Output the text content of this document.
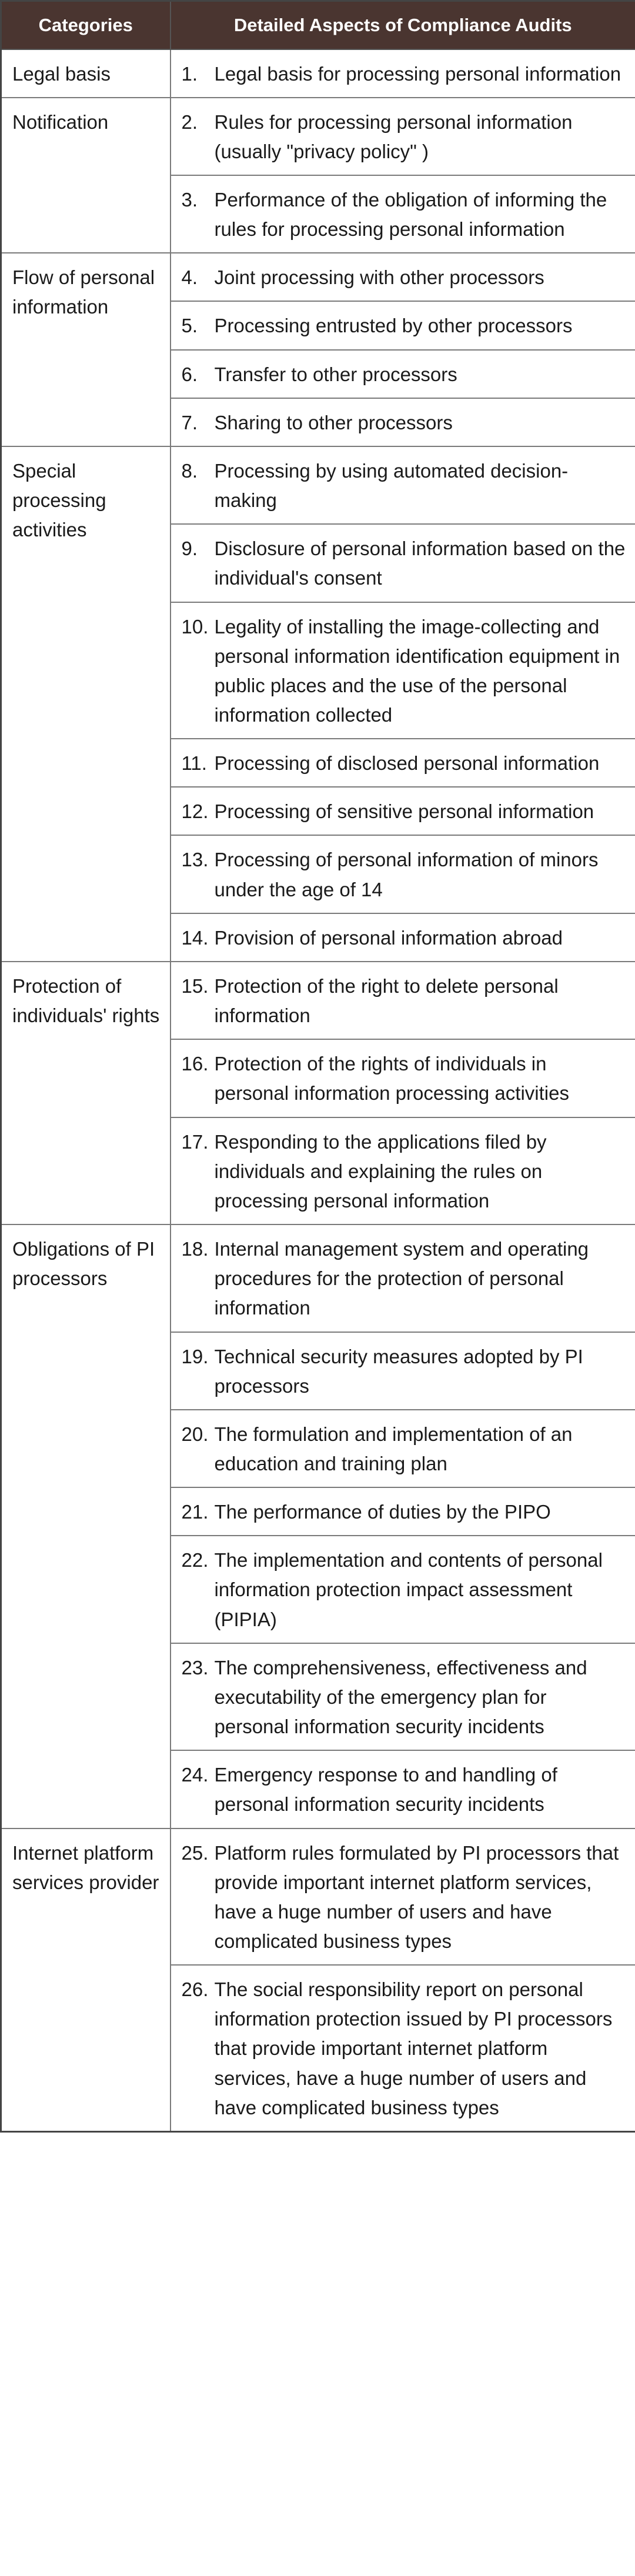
Categories	Detailed Aspects of Compliance Audits
Legal basis	1. Legal basis for processing personal information

Notification	2. Rules for processing personal information (usually "privacy policy" )

	3. Performance of the obligation of informing the rules for processing personal information

Flow of personal information	4. Joint processing with other processors

	5. Processing entrusted by other processors

	6. Transfer to other processors

	7. Sharing to other processors

Special processing activities	8. Processing by using automated decision-making

	9. Disclosure of personal information based on the individual's consent

	10. Legality of installing the image-collecting and personal information identification equipment in public places and the use of the personal information collected

	11. Processing of disclosed personal information

	12. Processing of sensitive personal information

	13. Processing of personal information of minors under the age of 14

	14. Provision of personal information abroad

Protection of individuals' rights	15. Protection of the right to delete personal information

	16. Protection of the rights of individuals in personal information processing activities

	17. Responding to the applications filed by individuals and explaining the rules on processing personal information

Obligations of PI processors	18. Internal management system and operating procedures for the protection of personal information

	19. Technical security measures adopted by PI processors

	20. The formulation and implementation of an education and training plan

	21. The performance of duties by the PIPO

	22. The implementation and contents of personal information protection impact assessment (PIPIA)

	23. The comprehensiveness, effectiveness and executability of the emergency plan for personal information security incidents

	24. Emergency response to and handling of personal information security incidents

Internet platform services provider	25. Platform rules formulated by PI processors that provide important internet platform services, have a huge number of users and have complicated business types

	26. The social responsibility report on personal information protection issued by PI processors that provide important internet platform services, have a huge number of users and have complicated business types
